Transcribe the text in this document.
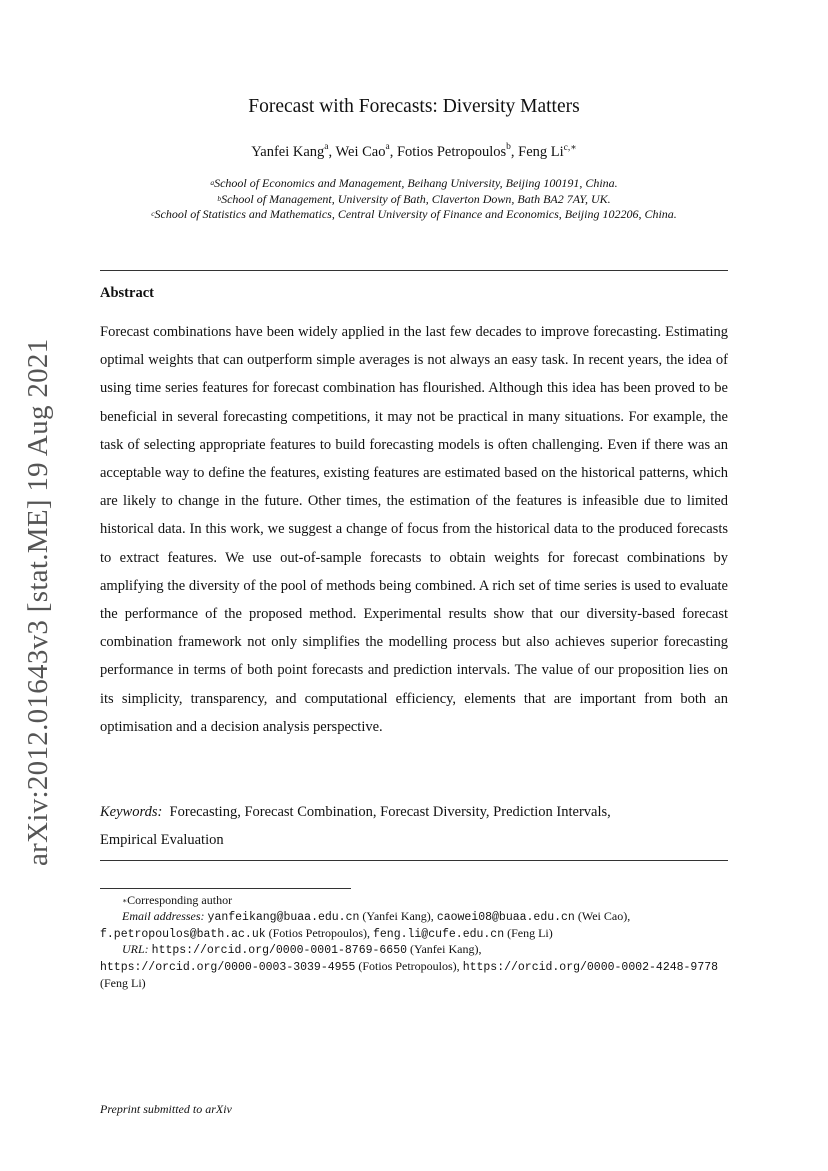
arXiv:2012.01643v3 [stat.ME] 19 Aug 2021
Forecast with Forecasts: Diversity Matters
Yanfei Kang$^a$, Wei Cao$^a$, Fotios Petropoulos$^b$, Feng $Li^{c,∗}$
$^a$School of Economics and Management, Beihang University, Beijing 100191, China.
$^b$School of Management, University of Bath, Claverton Down, Bath BA2 7AY, UK.
$^c$School of Statistics and Mathematics, Central University of Finance and Economics, Beijing 102206, China.
Abstract
Forecast combinations have been widely applied in the last few decades to improve forecasting. Estimating optimal weights that can outperform simple averages is not always an easy task. In recent years, the idea of using time series features for forecast combination has flourished. Although this idea has been proved to be beneficial in several forecasting competitions, it may not be practical in many situations. For example, the task of selecting appropriate features to build forecasting models is often challenging. Even if there was an acceptable way to define the features, existing features are estimated based on the historical patterns, which are likely to change in the future. Other times, the estimation of the features is infeasible due to limited historical data. In this work, we suggest a change of focus from the historical data to the produced forecasts to extract features. We use out-of-sample forecasts to obtain weights for forecast combinations by amplifying the diversity of the pool of methods being combined. A rich set of time series is used to evaluate the performance of the proposed method. Experimental results show that our diversity-based forecast combination framework not only simplifies the modelling process but also achieves superior forecasting performance in terms of both point forecasts and prediction intervals. The value of our proposition lies on its simplicity, transparency, and computational efficiency, elements that are important from both an optimisation and a decision analysis perspective.
Keywords: Forecasting, Forecast Combination, Forecast Diversity, Prediction Intervals,
Empirical Evaluation
∗Corresponding author
Email addresses: yanfeikang@buaa.edu.cn (Yanfei Kang), caowei08@buaa.edu.cn (Wei Cao),
f.petropoulos@bath.ac.uk (Fotios Petropoulos), feng.li@cufe.edu.cn (Feng Li)
URL: https://orcid.org/0000-0001-8769-6650 (Yanfei Kang),
https://orcid.org/0000-0003-3039-4955 (Fotios Petropoulos), https://orcid.org/0000-0002-4248-9778
(Feng Li)
Preprint submitted to arXiv
